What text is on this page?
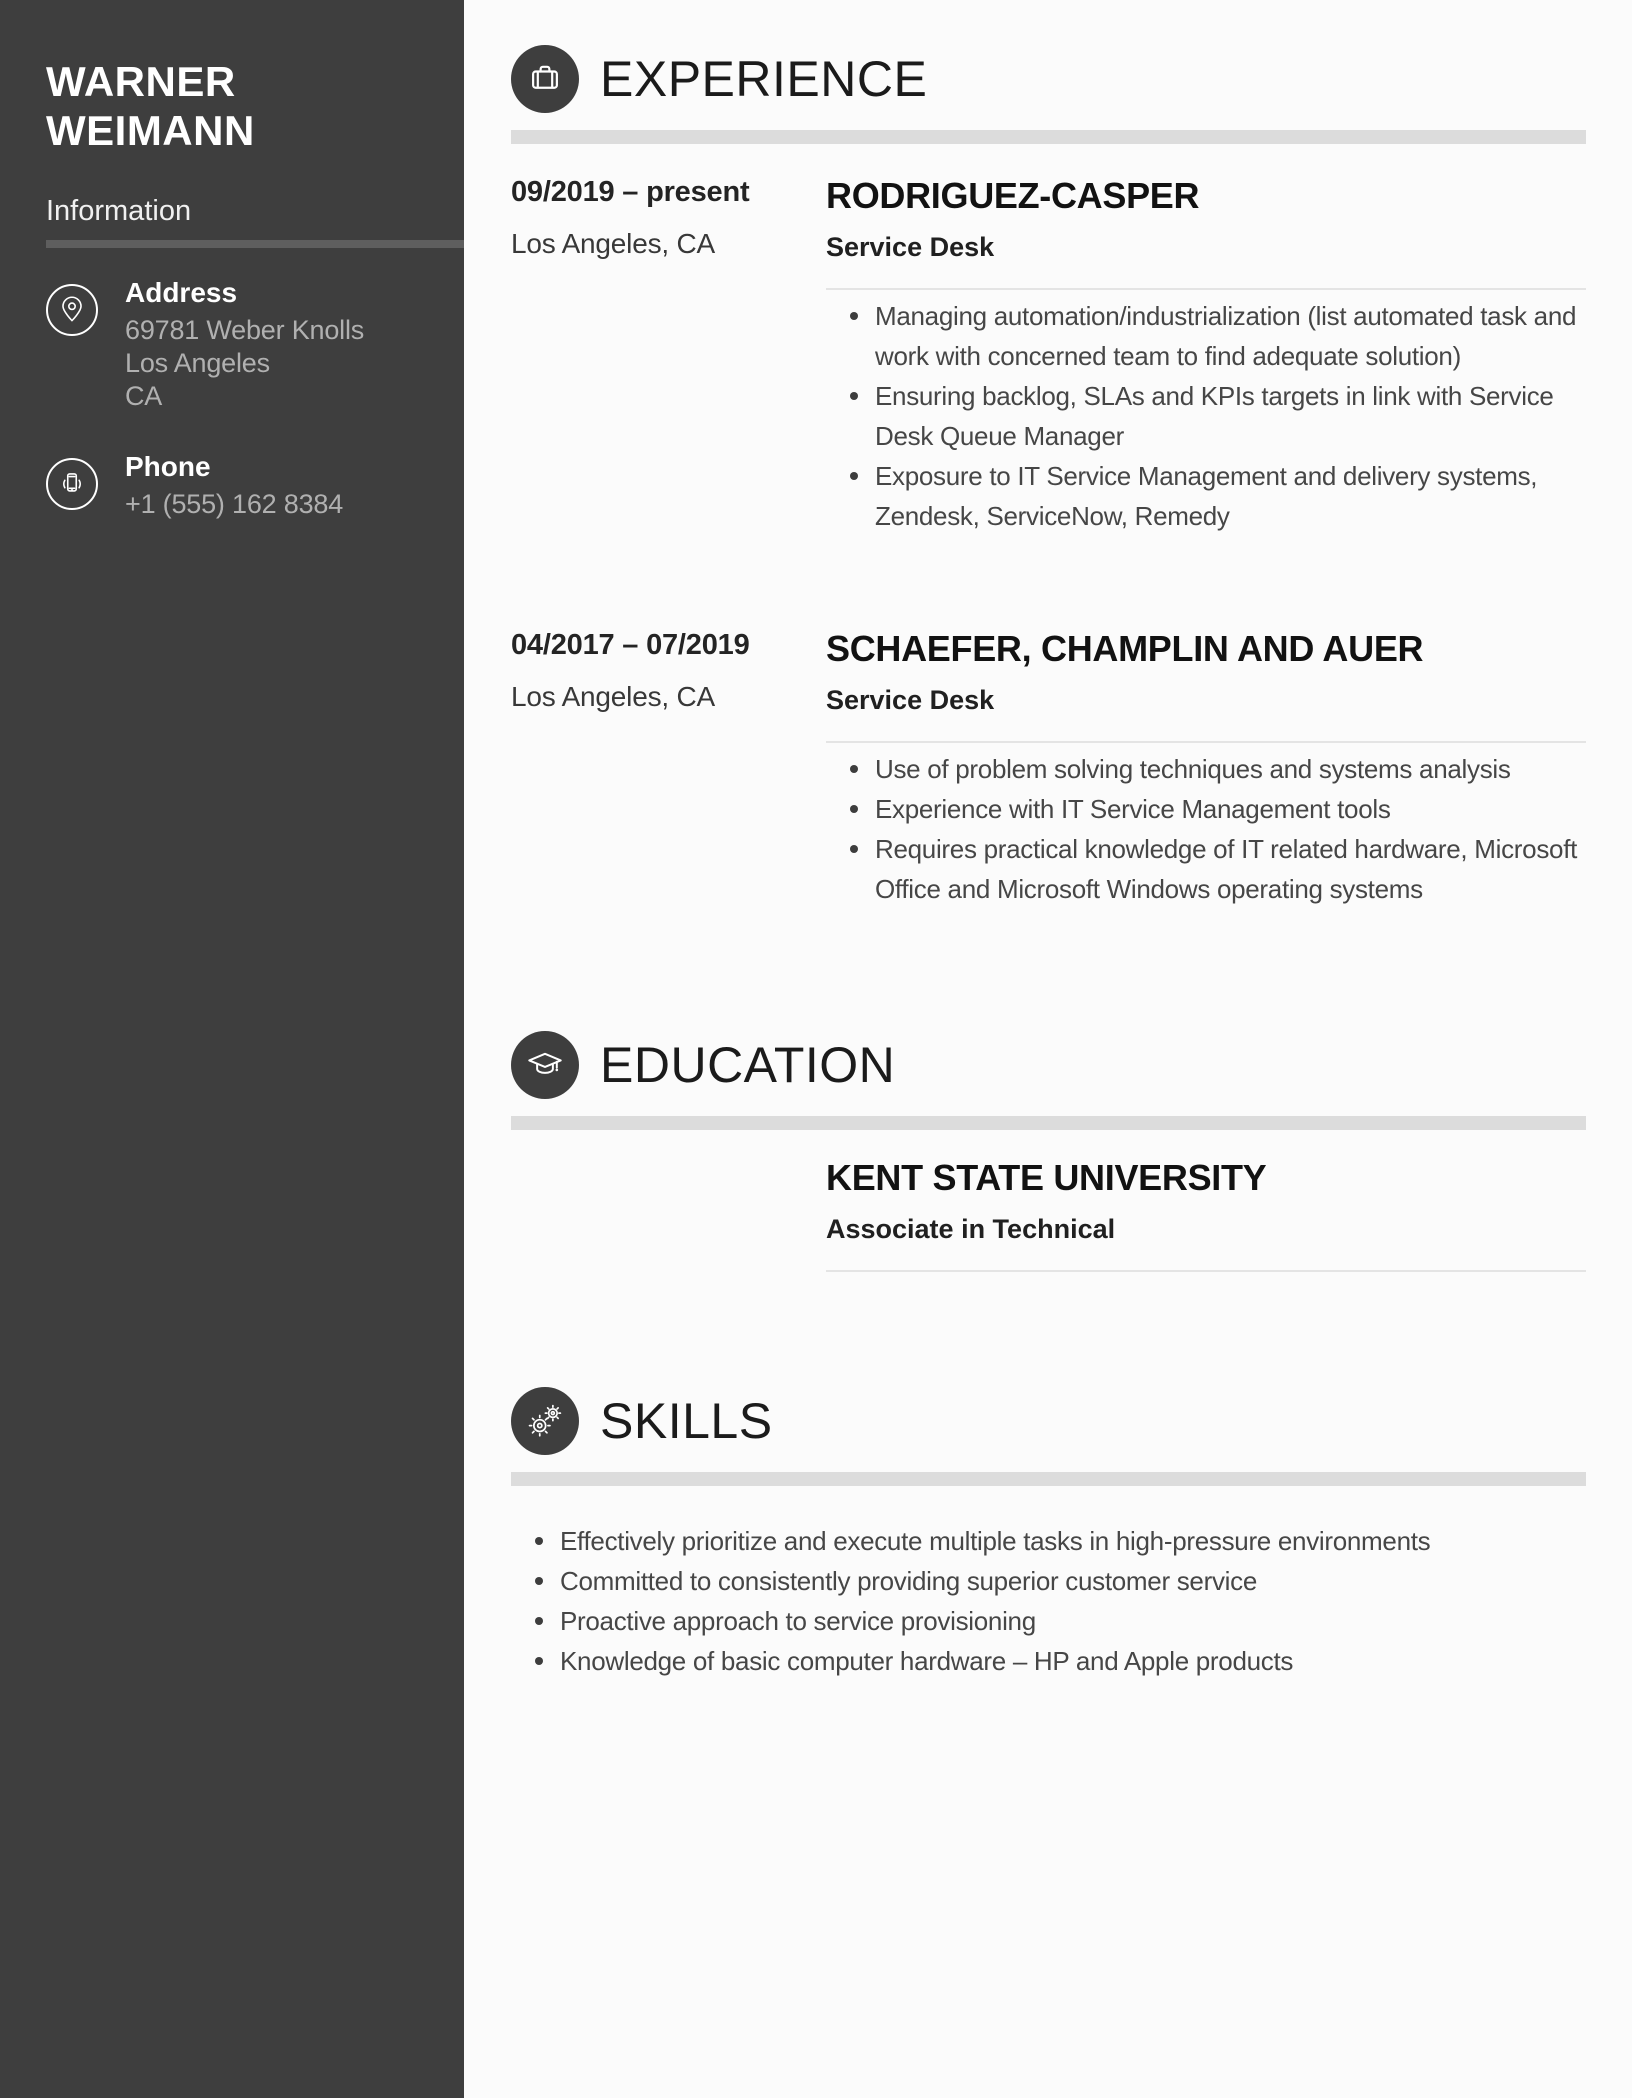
WARNER
WEIMANN
Information
Address
69781 Weber Knolls
Los Angeles
CA
Phone
+1 (555) 162 8384
EXPERIENCE
09/2019 – present
Los Angeles, CA
RODRIGUEZ-CASPER
Service Desk
Managing automation/industrialization (list automated task and work with concerned team to find adequate solution)
Ensuring backlog, SLAs and KPIs targets in link with Service Desk Queue Manager
Exposure to IT Service Management and delivery systems, Zendesk, ServiceNow, Remedy
04/2017 – 07/2019
Los Angeles, CA
SCHAEFER, CHAMPLIN AND AUER
Service Desk
Use of problem solving techniques and systems analysis
Experience with IT Service Management tools
Requires practical knowledge of IT related hardware, Microsoft Office and Microsoft Windows operating systems
EDUCATION
KENT STATE UNIVERSITY
Associate in Technical
SKILLS
Effectively prioritize and execute multiple tasks in high-pressure environments
Committed to consistently providing superior customer service
Proactive approach to service provisioning
Knowledge of basic computer hardware – HP and Apple products
